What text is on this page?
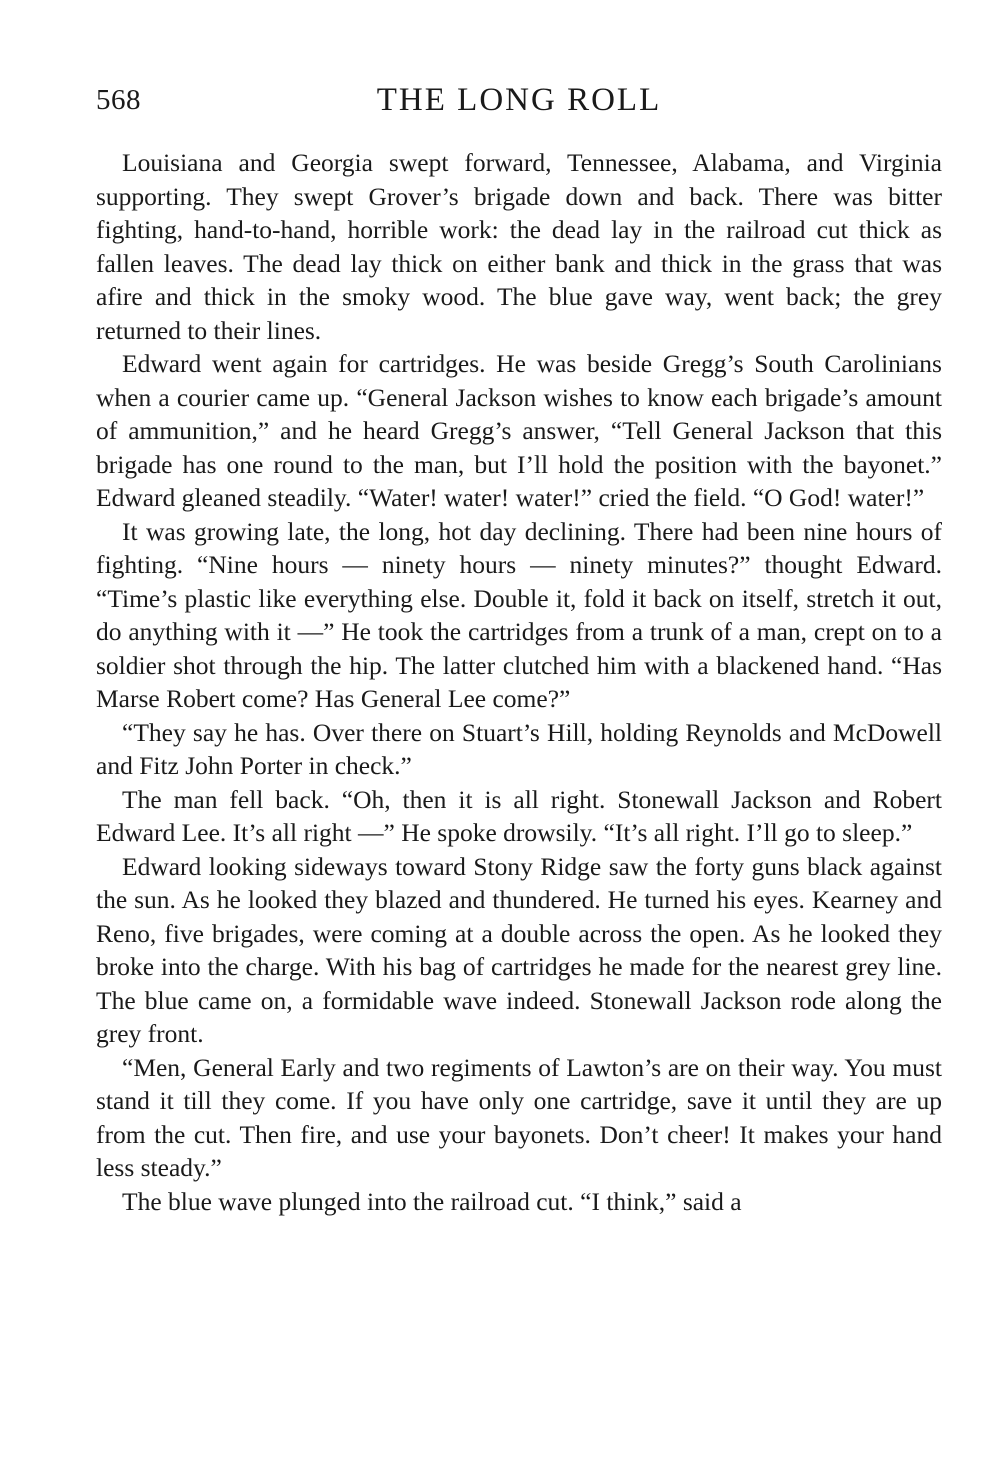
568	THE LONG ROLL

Louisiana and Georgia swept forward, Tennessee, Alabama, and Virginia supporting. They swept Grover’s brigade down and back. There was bitter fighting, hand-to-hand, horrible work: the dead lay in the railroad cut thick as fallen leaves. The dead lay thick on either bank and thick in the grass that was afire and thick in the smoky wood. The blue gave way, went back; the grey returned to their lines.

Edward went again for cartridges. He was beside Gregg’s South Carolinians when a courier came up. “General Jackson wishes to know each brigade’s amount of ammunition,” and he heard Gregg’s answer, “Tell General Jackson that this brigade has one round to the man, but I’ll hold the position with the bayonet.” Edward gleaned steadily. “Water! water! water!” cried the field. “O God! water!”

It was growing late, the long, hot day declining. There had been nine hours of fighting. “Nine hours — ninety hours — ninety minutes?” thought Edward. “Time’s plastic like everything else. Double it, fold it back on itself, stretch it out, do anything with it —” He took the cartridges from a trunk of a man, crept on to a soldier shot through the hip. The latter clutched him with a blackened hand. “Has Marse Robert come? Has General Lee come?”

“They say he has. Over there on Stuart’s Hill, holding Reynolds and McDowell and Fitz John Porter in check.”

The man fell back. “Oh, then it is all right. Stonewall Jackson and Robert Edward Lee. It’s all right —” He spoke drowsily. “It’s all right. I’ll go to sleep.”

Edward looking sideways toward Stony Ridge saw the forty guns black against the sun. As he looked they blazed and thundered. He turned his eyes. Kearney and Reno, five brigades, were coming at a double across the open. As he looked they broke into the charge. With his bag of cartridges he made for the nearest grey line. The blue came on, a formidable wave indeed. Stonewall Jackson rode along the grey front.

“Men, General Early and two regiments of Lawton’s are on their way. You must stand it till they come. If you have only one cartridge, save it until they are up from the cut. Then fire, and use your bayonets. Don’t cheer! It makes your hand less steady.”

The blue wave plunged into the railroad cut. “I think,” said a
